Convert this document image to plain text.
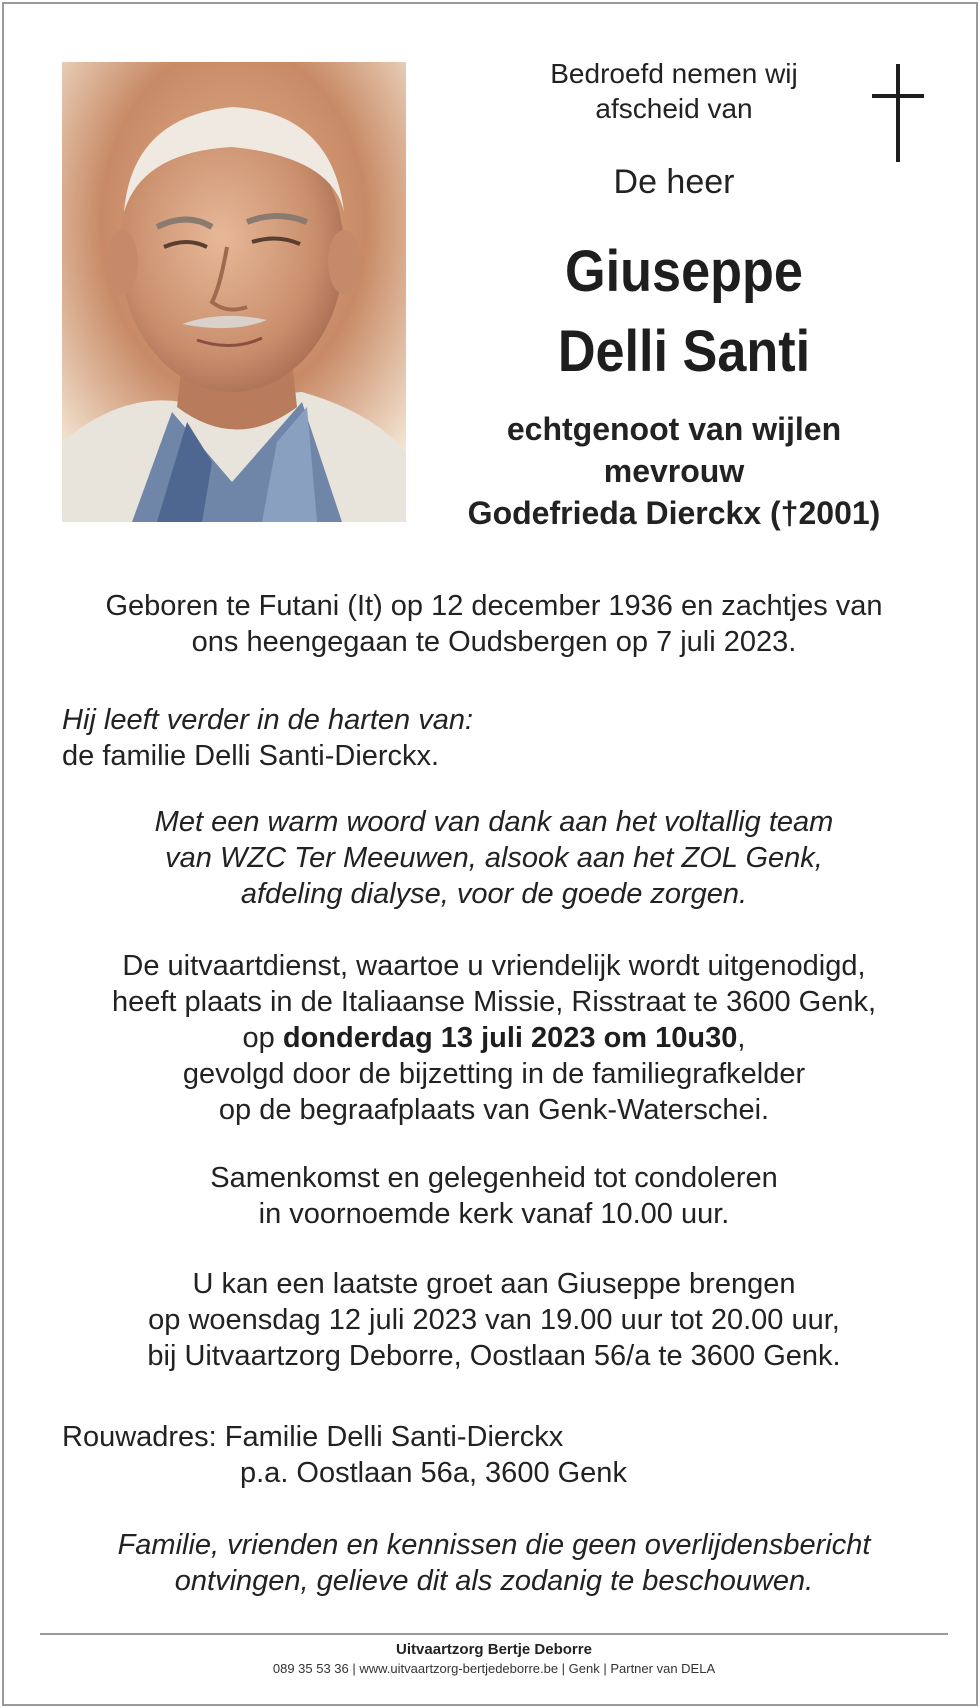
Bedroefd nemen wij
afscheid van
De heer
Giuseppe
Delli Santi
echtgenoot van wijlen
mevrouw
Godefrieda Dierckx (†2001)
Geboren te Futani (It) op 12 december 1936 en zachtjes van
ons heengegaan te Oudsbergen op 7 juli 2023.
Hij leeft verder in de harten van:
de familie Delli Santi-Dierckx.
Met een warm woord van dank aan het voltallig team
van WZC Ter Meeuwen, alsook aan het ZOL Genk,
afdeling dialyse, voor de goede zorgen.
De uitvaartdienst, waartoe u vriendelijk wordt uitgenodigd,
heeft plaats in de Italiaanse Missie, Risstraat te 3600 Genk,
op donderdag 13 juli 2023 om 10u30,
gevolgd door de bijzetting in de familiegrafkelder
op de begraafplaats van Genk-Waterschei.
Samenkomst en gelegenheid tot condoleren
in voornoemde kerk vanaf 10.00 uur.
U kan een laatste groet aan Giuseppe brengen
op woensdag 12 juli 2023 van 19.00 uur tot 20.00 uur,
bij Uitvaartzorg Deborre, Oostlaan 56/a te 3600 Genk.
Rouwadres: Familie Delli Santi-Dierckx
p.a. Oostlaan 56a, 3600 Genk
Familie, vrienden en kennissen die geen overlijdensbericht
ontvingen, gelieve dit als zodanig te beschouwen.
Uitvaartzorg Bertje Deborre
089 35 53 36 | www.uitvaartzorg-bertjedeborre.be | Genk | Partner van DELA
